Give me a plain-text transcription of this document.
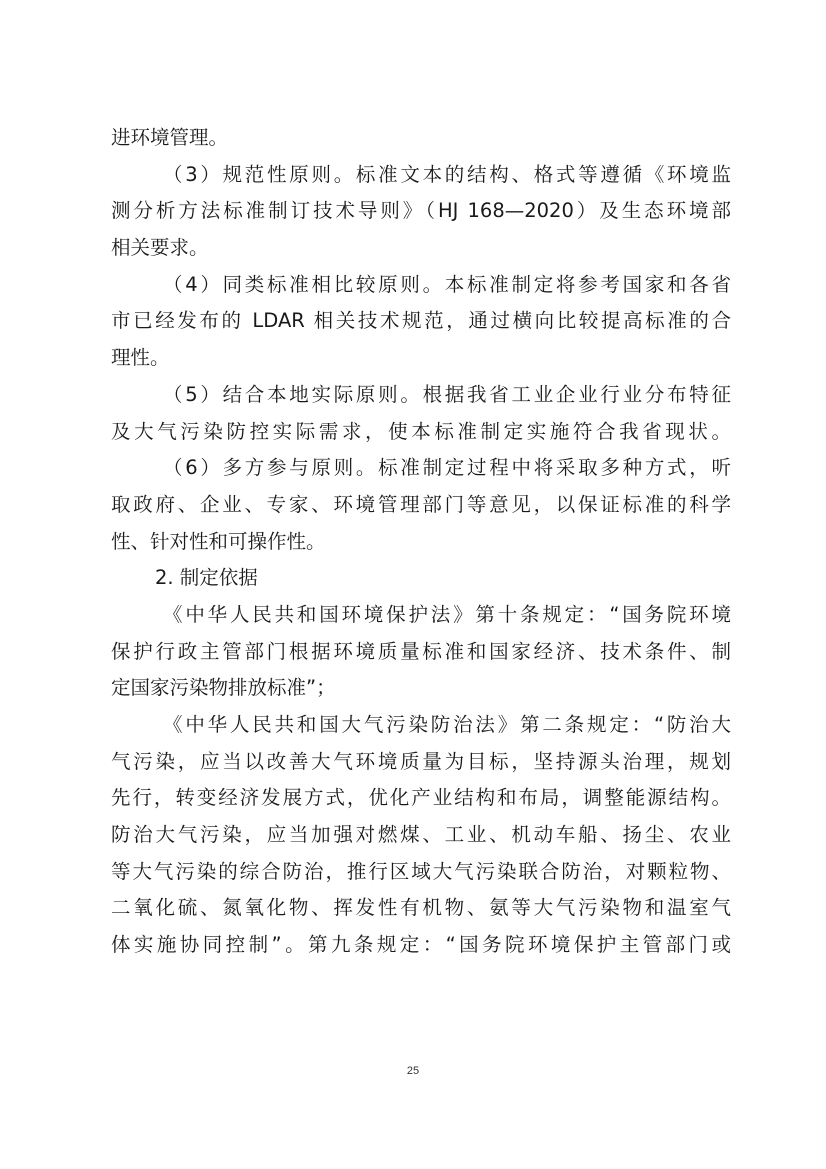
进环境管理。
（3）规范性原则。标准文本的结构、格式等遵循《环境监
测分析方法标准制订技术导则》（HJ 168—2020）及生态环境部
相关要求。
（4）同类标准相比较原则。本标准制定将参考国家和各省
市已经发布的 LDAR 相关技术规范，通过横向比较提高标准的合
理性。
（5）结合本地实际原则。根据我省工业企业行业分布特征
及大气污染防控实际需求，使本标准制定实施符合我省现状。
（6）多方参与原则。标准制定过程中将采取多种方式，听
取政府、企业、专家、环境管理部门等意见，以保证标准的科学
性、针对性和可操作性。
2. 制定依据
《中华人民共和国环境保护法》第十条规定：“国务院环境
保护行政主管部门根据环境质量标准和国家经济、技术条件、制
定国家污染物排放标准”；
《中华人民共和国大气污染防治法》第二条规定：“防治大
气污染，应当以改善大气环境质量为目标，坚持源头治理，规划
先行，转变经济发展方式，优化产业结构和布局，调整能源结构。
防治大气污染，应当加强对燃煤、工业、机动车船、扬尘、农业
等大气污染的综合防治，推行区域大气污染联合防治，对颗粒物、
二氧化硫、氮氧化物、挥发性有机物、氨等大气污染物和温室气
体实施协同控制”。第九条规定：“国务院环境保护主管部门或
25
